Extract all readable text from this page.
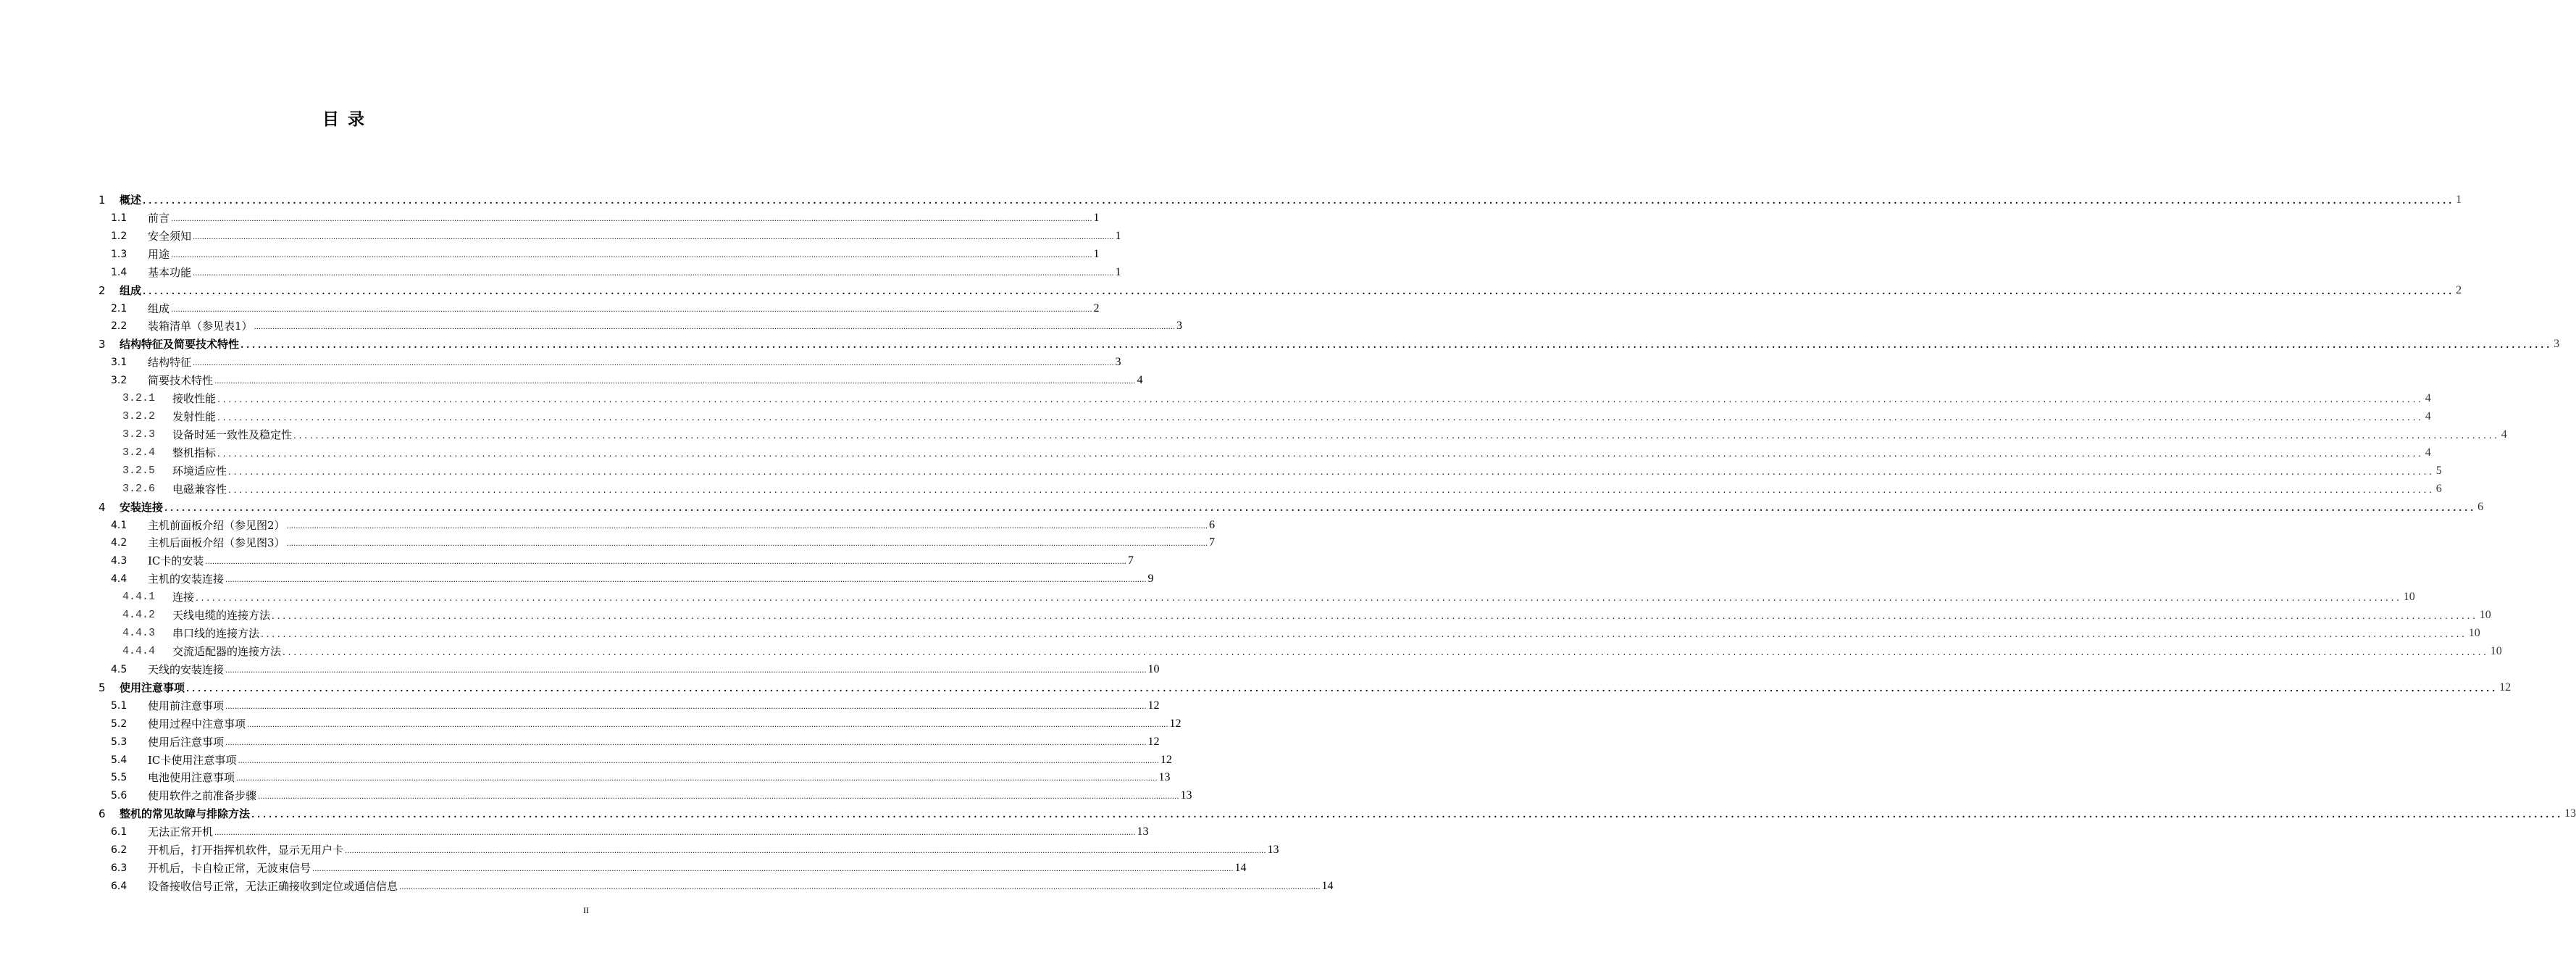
目 录
1	概述 ................................................................................................................................................................................................................................................................................................................................................................................................................ 1
1.1	前言 ................................................................................................................................................................................................................................................................................................................................................................................................................ 1
1.2	安全须知 ................................................................................................................................................................................................................................................................................................................................................................................................................ 1
1.3	用途 ................................................................................................................................................................................................................................................................................................................................................................................................................ 1
1.4	基本功能 ................................................................................................................................................................................................................................................................................................................................................................................................................ 1
2	组成 ................................................................................................................................................................................................................................................................................................................................................................................................................ 2
2.1	组成 ................................................................................................................................................................................................................................................................................................................................................................................................................ 2
2.2	装箱清单（参见表1） ................................................................................................................................................................................................................................................................................................................................................................................................................ 3
3	结构特征及简要技术特性 ................................................................................................................................................................................................................................................................................................................................................................................................................ 3
3.1	结构特征 ................................................................................................................................................................................................................................................................................................................................................................................................................ 3
3.2	简要技术特性 ................................................................................................................................................................................................................................................................................................................................................................................................................ 4
3.2.1	接收性能 ................................................................................................................................................................................................................................................................................................................................................................................................................ 4
3.2.2	发射性能 ................................................................................................................................................................................................................................................................................................................................................................................................................ 4
3.2.3	设备时延一致性及稳定性 ................................................................................................................................................................................................................................................................................................................................................................................................................ 4
3.2.4	整机指标 ................................................................................................................................................................................................................................................................................................................................................................................................................ 4
3.2.5	环境适应性 ................................................................................................................................................................................................................................................................................................................................................................................................................ 5
3.2.6	电磁兼容性 ................................................................................................................................................................................................................................................................................................................................................................................................................ 6
4	安装连接 ................................................................................................................................................................................................................................................................................................................................................................................................................ 6
4.1	主机前面板介绍（参见图2） ................................................................................................................................................................................................................................................................................................................................................................................................................ 6
4.2	主机后面板介绍（参见图3） ................................................................................................................................................................................................................................................................................................................................................................................................................ 7
4.3	IC卡的安装 ................................................................................................................................................................................................................................................................................................................................................................................................................ 7
4.4	主机的安装连接 ................................................................................................................................................................................................................................................................................................................................................................................................................ 9
4.4.1	连接 ................................................................................................................................................................................................................................................................................................................................................................................................................ 10
4.4.2	天线电缆的连接方法 ................................................................................................................................................................................................................................................................................................................................................................................................................ 10
4.4.3	串口线的连接方法 ................................................................................................................................................................................................................................................................................................................................................................................................................ 10
4.4.4	交流适配器的连接方法 ................................................................................................................................................................................................................................................................................................................................................................................................................ 10
4.5	天线的安装连接 ................................................................................................................................................................................................................................................................................................................................................................................................................ 10
5	使用注意事项 ................................................................................................................................................................................................................................................................................................................................................................................................................ 12
5.1	使用前注意事项 ................................................................................................................................................................................................................................................................................................................................................................................................................ 12
5.2	使用过程中注意事项 ................................................................................................................................................................................................................................................................................................................................................................................................................ 12
5.3	使用后注意事项 ................................................................................................................................................................................................................................................................................................................................................................................................................ 12
5.4	IC卡使用注意事项 ................................................................................................................................................................................................................................................................................................................................................................................................................ 12
5.5	电池使用注意事项 ................................................................................................................................................................................................................................................................................................................................................................................................................ 13
5.6	使用软件之前准备步骤 ................................................................................................................................................................................................................................................................................................................................................................................................................ 13
6	整机的常见故障与排除方法 ................................................................................................................................................................................................................................................................................................................................................................................................................ 13
6.1	无法正常开机 ................................................................................................................................................................................................................................................................................................................................................................................................................ 13
6.2	开机后，打开指挥机软件，显示无用户卡 ................................................................................................................................................................................................................................................................................................................................................................................................................ 13
6.3	开机后，卡自检正常，无波束信号 ................................................................................................................................................................................................................................................................................................................................................................................................................ 14
6.4	设备接收信号正常，无法正确接收到定位或通信信息 ................................................................................................................................................................................................................................................................................................................................................................................................................ 14
II
